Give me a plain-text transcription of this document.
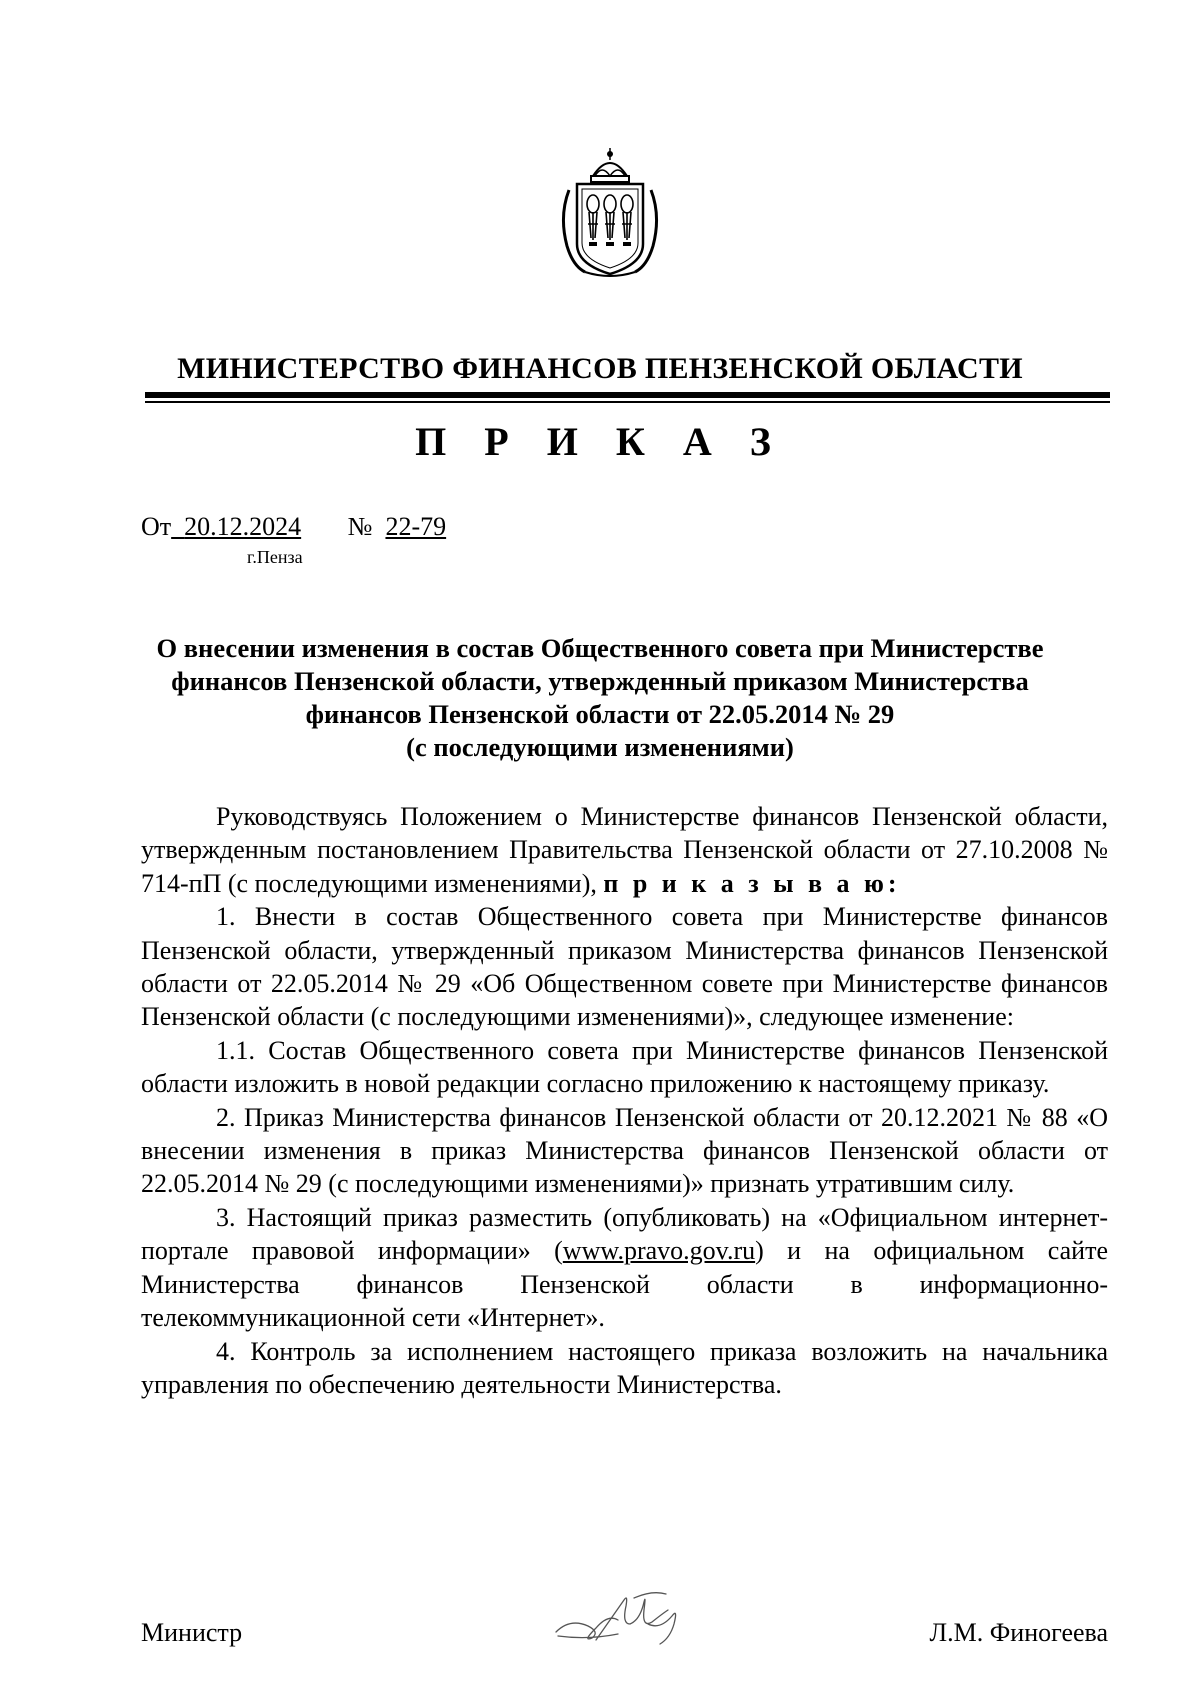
МИНИСТЕРСТВО ФИНАНСОВ ПЕНЗЕНСКОЙ ОБЛАСТИ
П Р И К А З
От 20.12.2024 № 22-79
г.Пенза
О внесении изменения в состав Общественного совета при Министерстве
финансов Пензенской области, утвержденный приказом Министерства
финансов Пензенской области от 22.05.2014 № 29
(с последующими изменениями)

Руководствуясь Положением о Министерстве финансов Пензенской области, утвержденным постановлением Правительства Пензенской области от 27.10.2008 № 714-пП (с последующими изменениями), п р и к а з ы в а ю:

1. Внести в состав Общественного совета при Министерстве финансов Пензенской области, утвержденный приказом Министерства финансов Пензенской области от 22.05.2014 № 29 «Об Общественном совете при Министерстве финансов Пензенской области (с последующими изменениями)», следующее изменение:

1.1. Состав Общественного совета при Министерстве финансов Пензенской области изложить в новой редакции согласно приложению к настоящему приказу.

2. Приказ Министерства финансов Пензенской области от 20.12.2021 № 88 «О внесении изменения в приказ Министерства финансов Пензенской области от 22.05.2014 № 29 (с последующими изменениями)» признать утратившим силу.

3. Настоящий приказ разместить (опубликовать) на «Официальном интернет-портале правовой информации» (www.pravo.gov.ru) и на официальном сайте Министерства финансов Пензенской области в информационно-телекоммуникационной сети «Интернет».

4. Контроль за исполнением настоящего приказа возложить на начальника управления по обеспечению деятельности Министерства.

Министр	Л.М. Финогеева
